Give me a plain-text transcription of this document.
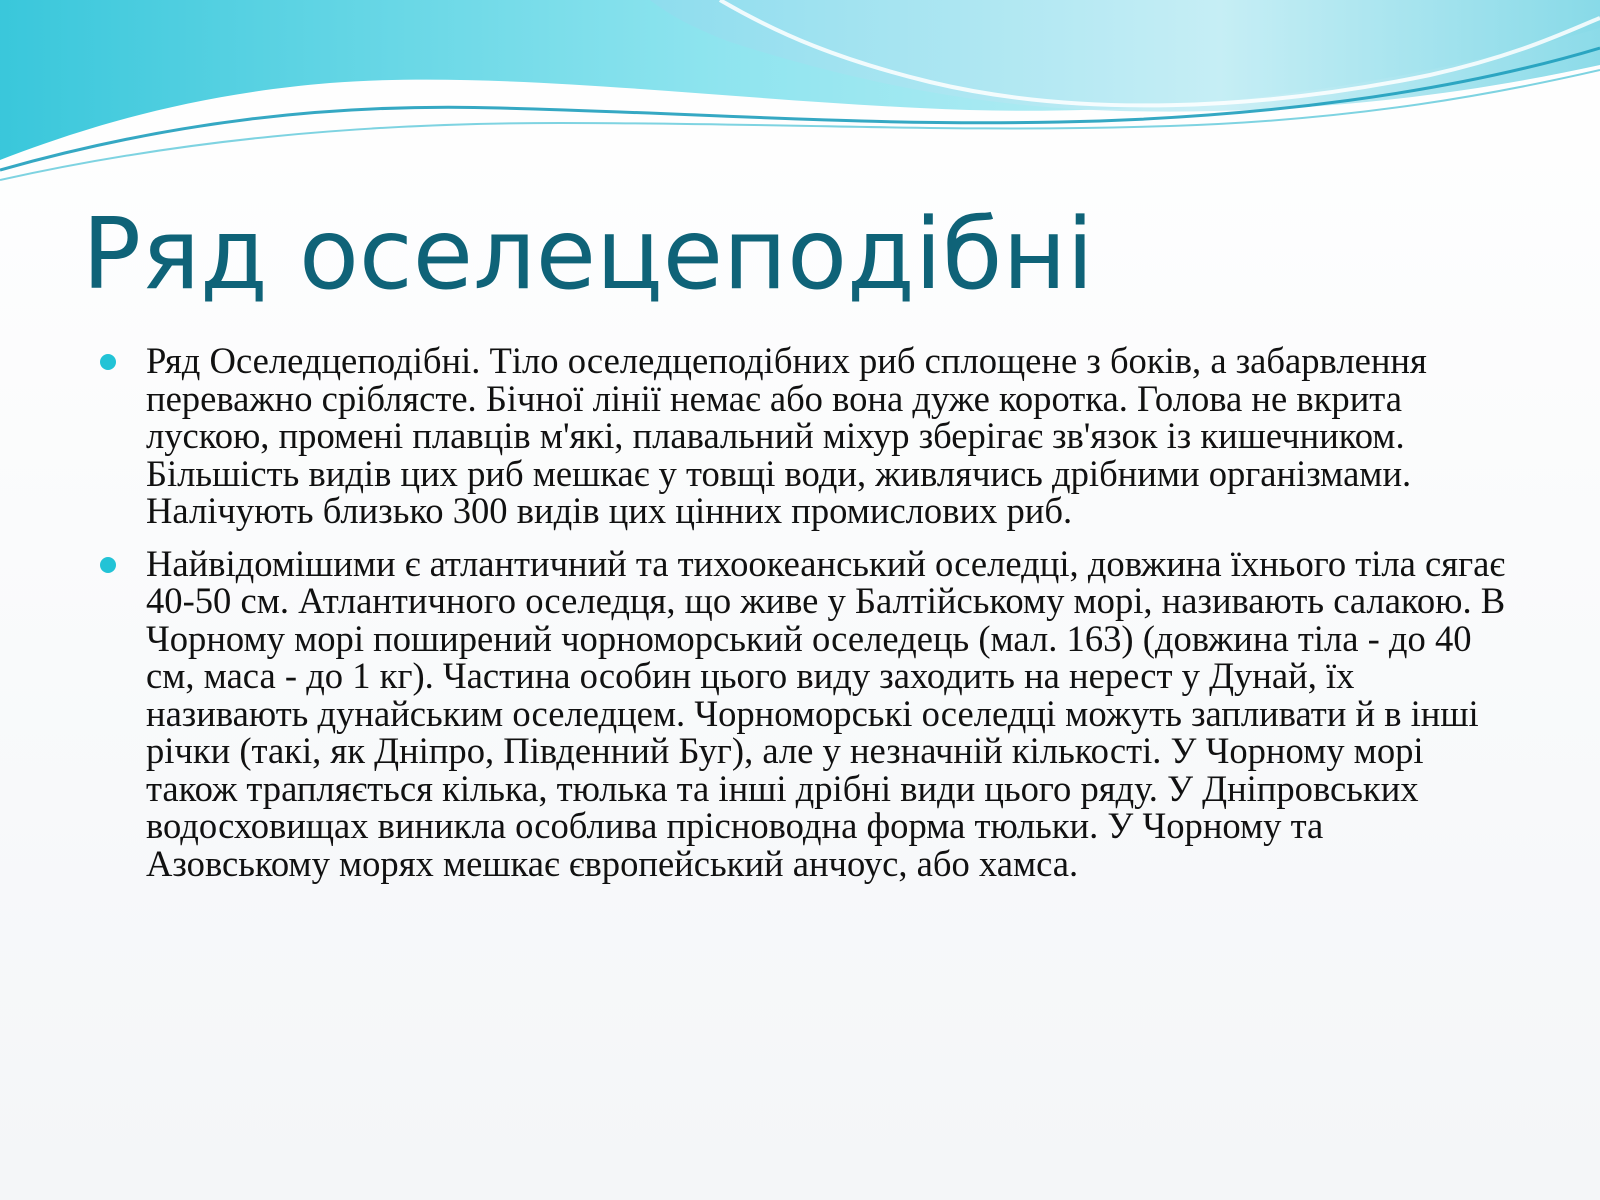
Ряд оселецеподібні
Ряд Оселедцеподібні. Тіло оселедцеподібних риб сплощене з боків, а забарвлення переважно сріблясте. Бічної лінії немає або вона дуже коротка. Голова не вкрита лускою, промені плавців м'які, плавальний міхур зберігає зв'язок із кишечником. Більшість видів цих риб мешкає у товщі води, живлячись дрібними організмами. Налічують близько 300 видів цих цінних промислових риб.
Найвідомішими є атлантичний та тихоокеанський оселедці, довжина їхнього тіла сягає 40-50 см. Атлантичного оселедця, що живе у Балтійському морі, називають салакою. В Чорному морі поширений чорноморський оселедець (мал. 163) (довжина тіла - до 40 см, маса - до 1 кг). Частина особин цього виду заходить на нерест у Дунай, їх називають дунайським оселедцем. Чорноморські оселедці можуть запливати й в інші річки (такі, як Дніпро, Південний Буг), але у незначній кількості. У Чорному морі також трапляється кілька, тюлька та інші дрібні види цього ряду. У Дніпровських водосховищах виникла особлива прісноводна форма тюльки. У Чорному та Азовському морях мешкає європейський анчоус, або хамса.
